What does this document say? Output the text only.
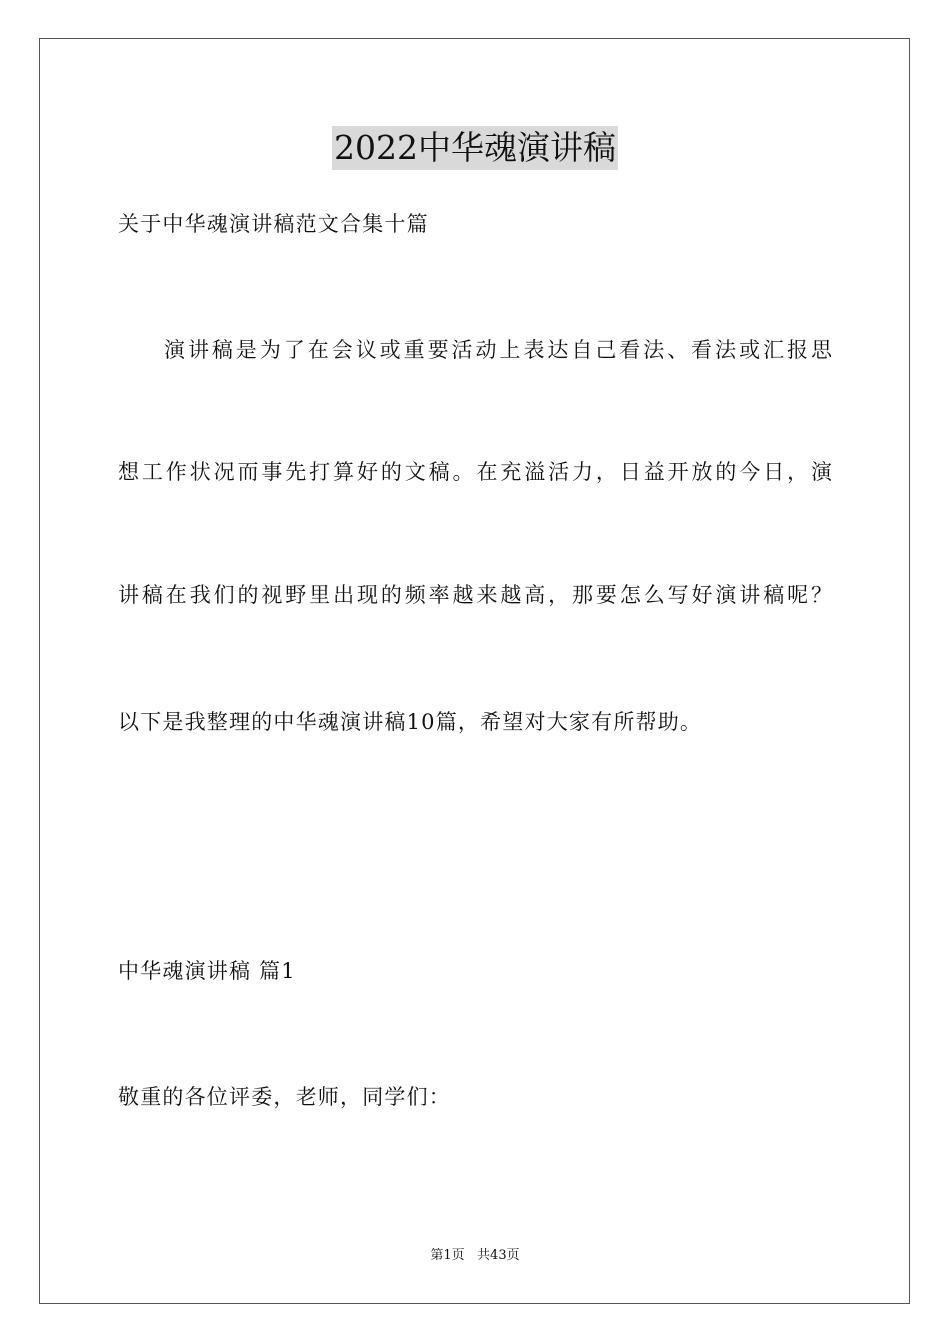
2022中华魂演讲稿
关于中华魂演讲稿范文合集十篇
演讲稿是为了在会议或重要活动上表达自己看法、看法或汇报思
想工作状况而事先打算好的文稿。在充溢活力，日益开放的今日，演
讲稿在我们的视野里出现的频率越来越高，那要怎么写好演讲稿呢？
以下是我整理的中华魂演讲稿10篇，希望对大家有所帮助。
中华魂演讲稿 篇1
敬重的各位评委，老师，同学们：
第1页   共43页
